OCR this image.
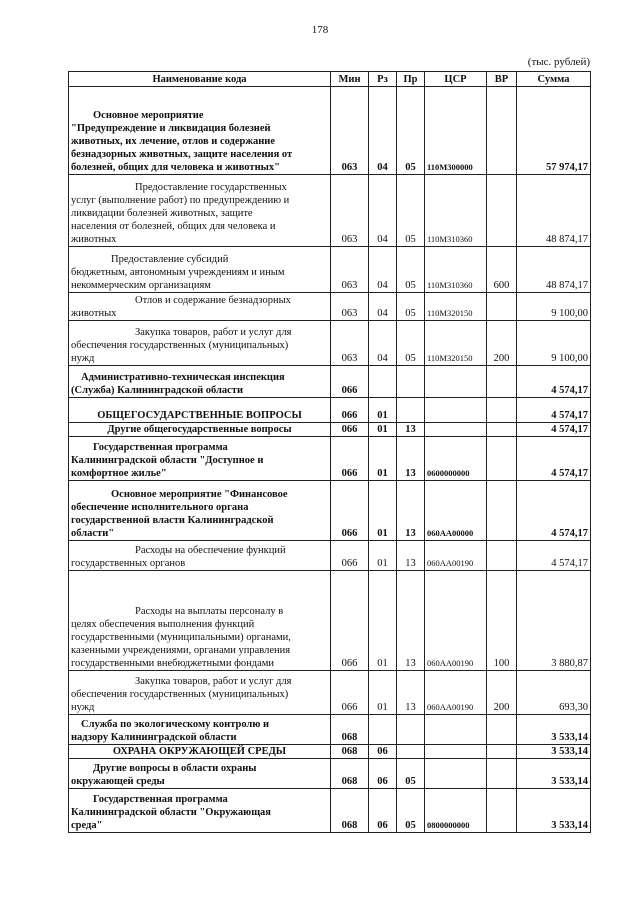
178
(тыс. рублей)
Наименование кода	Мин	Рз	Пр	ЦСР	ВР	Сумма

Основное мероприятие
"Предупреждение и ликвидация болезней
животных, их лечение, отлов и содержание
безнадзорных животных, защите населения от
болезней, общих для человека и животных"	063	04	05	110М300000		57 974,17

Предоставление государственных
услуг (выполнение работ) по предупреждению и
ликвидации болезней животных, защите
населения от болезней, общих для человека и
животных	063	04	05	110М310360		48 874,17

Предоставление субсидий
бюджетным, автономным учреждениям и иным
некоммерческим организациям	063	04	05	110М310360	600	48 874,17

Отлов и содержание безнадзорных
животных	063	04	05	110М320150		9 100,00

Закупка товаров, работ и услуг для
обеспечения государственных (муниципальных)
нужд	063	04	05	110М320150	200	9 100,00

Административно-техническая инспекция
(Служба) Калининградской области	066					4 574,17

ОБЩЕГОСУДАРСТВЕННЫЕ ВОПРОСЫ	066	01				4 574,17

Другие общегосударственные вопросы	066	01	13			4 574,17

Государственная программа
Калининградской области "Доступное и
комфортное жилье"	066	01	13	0600000000		4 574,17

Основное мероприятие "Финансовое
обеспечение исполнительного органа
государственной власти Калининградской
области"	066	01	13	060АА00000		4 574,17

Расходы на обеспечение функций
государственных органов	066	01	13	060АА00190		4 574,17

Расходы на выплаты персоналу в
целях обеспечения выполнения функций
государственными (муниципальными) органами,
казенными учреждениями, органами управления
государственными внебюджетными фондами	066	01	13	060АА00190	100	3 880,87

Закупка товаров, работ и услуг для
обеспечения государственных (муниципальных)
нужд	066	01	13	060АА00190	200	693,30

Служба по экологическому контролю и
надзору Калининградской области	068					3 533,14

ОХРАНА ОКРУЖАЮЩЕЙ СРЕДЫ	068	06				3 533,14

Другие вопросы в области охраны
окружающей среды	068	06	05			3 533,14

Государственная программа
Калининградской области "Окружающая
среда"	068	06	05	0800000000		3 533,14
